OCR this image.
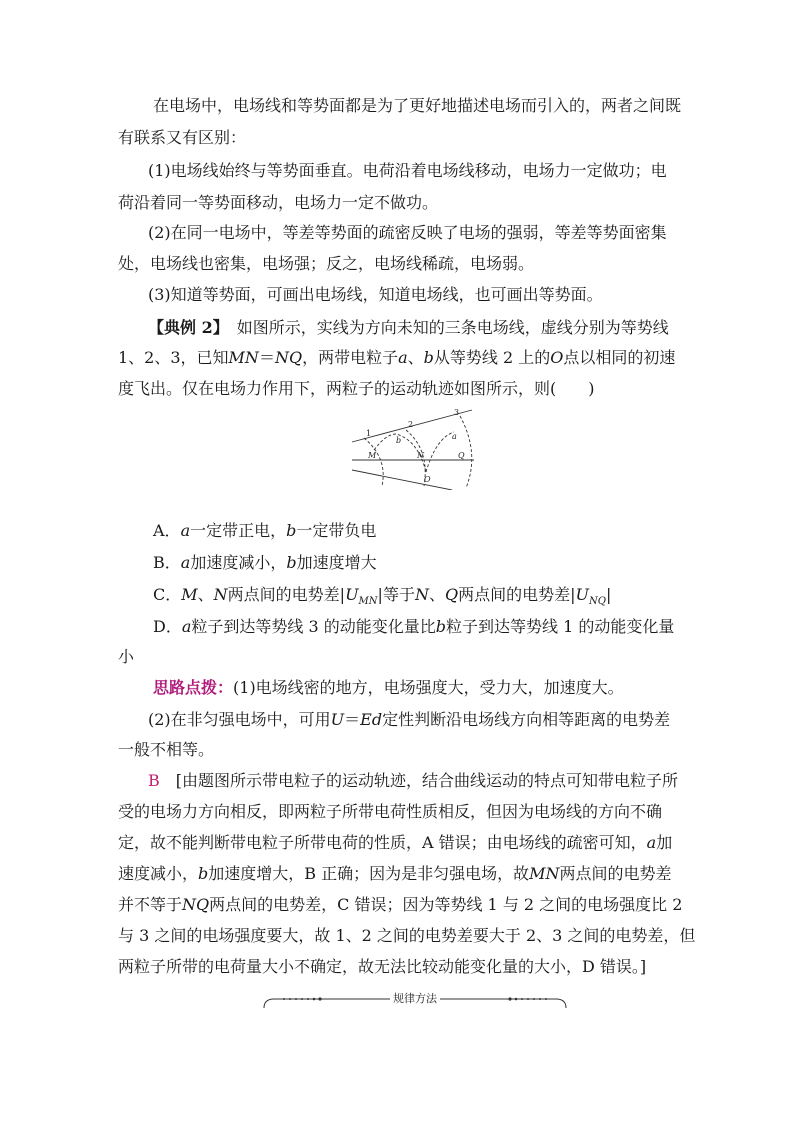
在电场中，电场线和等势面都是为了更好地描述电场而引入的，两者之间既
有联系又有区别：
(1)电场线始终与等势面垂直。电荷沿着电场线移动，电场力一定做功；电
荷沿着同一等势面移动，电场力一定不做功。
(2)在同一电场中，等差等势面的疏密反映了电场的强弱，等差等势面密集
处，电场线也密集，电场强；反之，电场线稀疏，电场弱。
(3)知道等势面，可画出电场线，知道电场线，也可画出等势面。
【典例 2】　 如图所示，实线为方向未知的三条电场线，虚线分别为等势线
1、2、3，已知MN＝NQ，两带电粒子a、b从等势线 2 上的O点以相同的初速
度飞出。仅在电场力作用下，两粒子的运动轨迹如图所示，则(　　)
1
2
3
a
b
M	N	Q
O
A．a一定带正电，b一定带负电
B．a加速度减小，b加速度增大
C．M、N两点间的电势差$|U_{MN}|$等于N、Q两点间的电势差$|U_{NQ}|$
D．a粒子到达等势线 3 的动能变化量比b粒子到达等势线 1 的动能变化量
小
思路点拨：(1)电场线密的地方，电场强度大，受力大，加速度大。
(2)在非匀强电场中，可用U＝Ed定性判断沿电场线方向相等距离的电势差
一般不相等。
B　 [由题图所示带电粒子的运动轨迹，结合曲线运动的特点可知带电粒子所
受的电场力方向相反，即两粒子所带电荷性质相反，但因为电场线的方向不确
定，故不能判断带电粒子所带电荷的性质，A 错误；由电场线的疏密可知，a加
速度减小，b加速度增大，B 正确；因为是非匀强电场，故MN两点间的电势差
并不等于NQ两点间的电势差，C 错误；因为等势线 1 与 2 之间的电场强度比 2
与 3 之间的电场强度要大，故 1、2 之间的电势差要大于 2、3 之间的电势差，但
两粒子所带的电荷量大小不确定，故无法比较动能变化量的大小，D 错误。]
规律方法
